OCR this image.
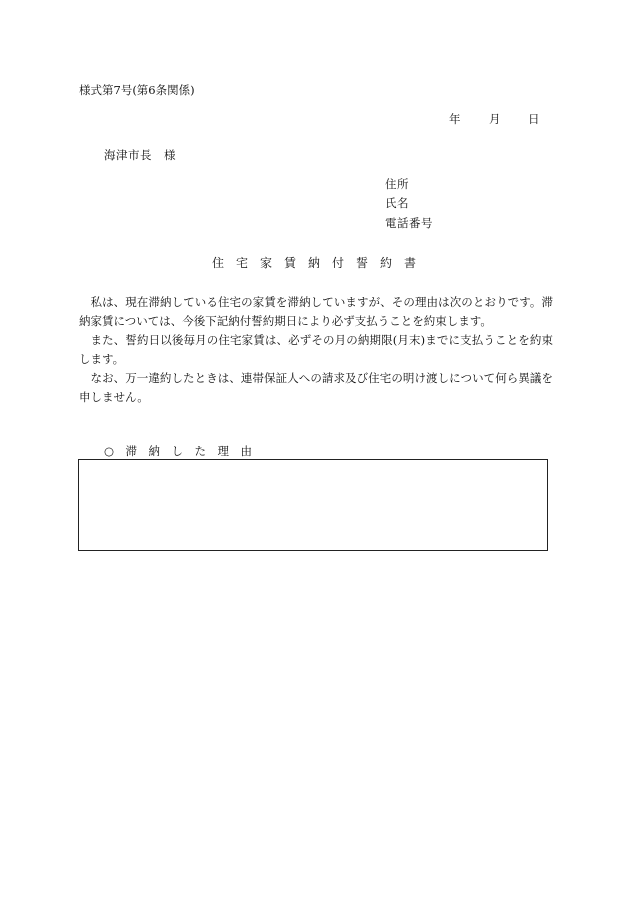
様式第7号(第6条関係)
年 月 日
海津市長　様
住所
氏名
電話番号
住　宅　家　賃　納　付　誓　約　書

私は、現在滞納している住宅の家賃を滞納していますが、その理由は次のとおりです。滞納家賃については、今後下記納付誓約期日により必ず支払うことを約束します。

また、誓約日以後毎月の住宅家賃は、必ずその月の納期限(月末)までに支払うことを約束します。

なお、万一違約したときは、連帯保証人への請求及び住宅の明け渡しについて何ら異議を申しません。

○　滞　納　し　た　理　由
